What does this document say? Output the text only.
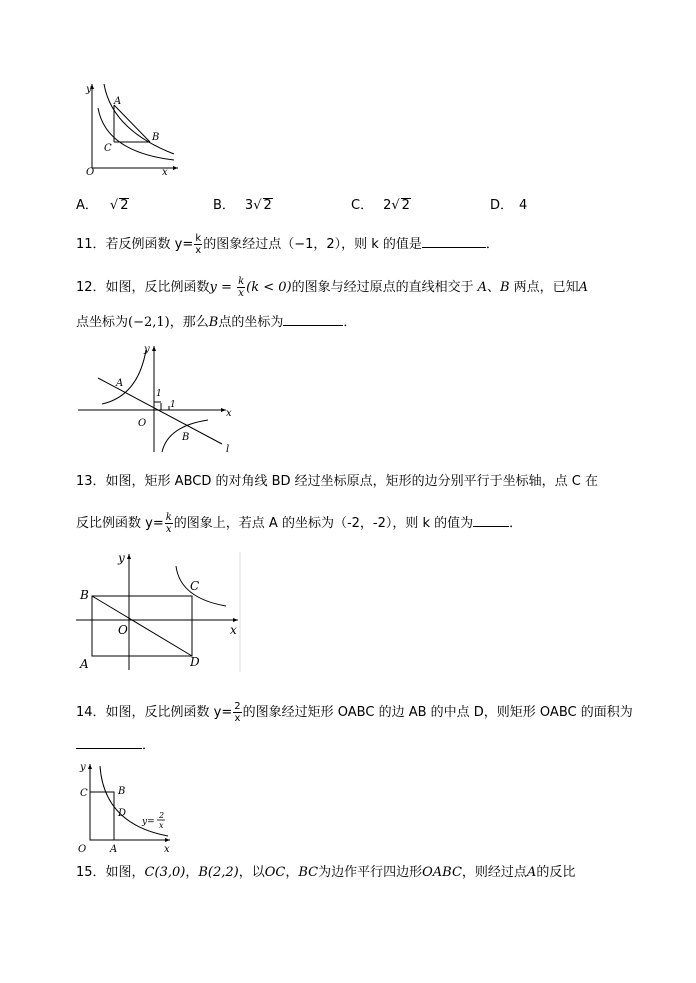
y
x
O
A
B
C
A． √ 2	B． 3√ 2	C． 2√ 2	D． 4
11．若反例函数 $y= \frac{k}{x}$ 的图象经过点（−1，2），则 k 的值是	．
12．如图，反比例函数$y = \frac{k}{x} (k < 0)$的图象与经过原点的直线相交于 A、B 两点，已知A
点坐标为(−2,1)，那么B点的坐标为	．
y
x
O
A
B
l
1
1
13．如图，矩形 ABCD 的对角线 BD 经过坐标原点，矩形的边分别平行于坐标轴，点 C 在
反比例函数 $y= \frac{k}{x}$ 的图象上，若点 A 的坐标为（-2，-2），则 k 的值为	．
y
x
O
A
B
C
D
14．如图，反比例函数 $y= \frac{2}{x}$ 的图象经过矩形 OABC 的边 AB 的中点 D，则矩形 OABC 的面积为
．
y
x
O A
B
C
D
y=
2
x
15．如图，C(3,0)，B(2,2)，以OC，BC为边作平行四边形OABC，则经过点A的反比
